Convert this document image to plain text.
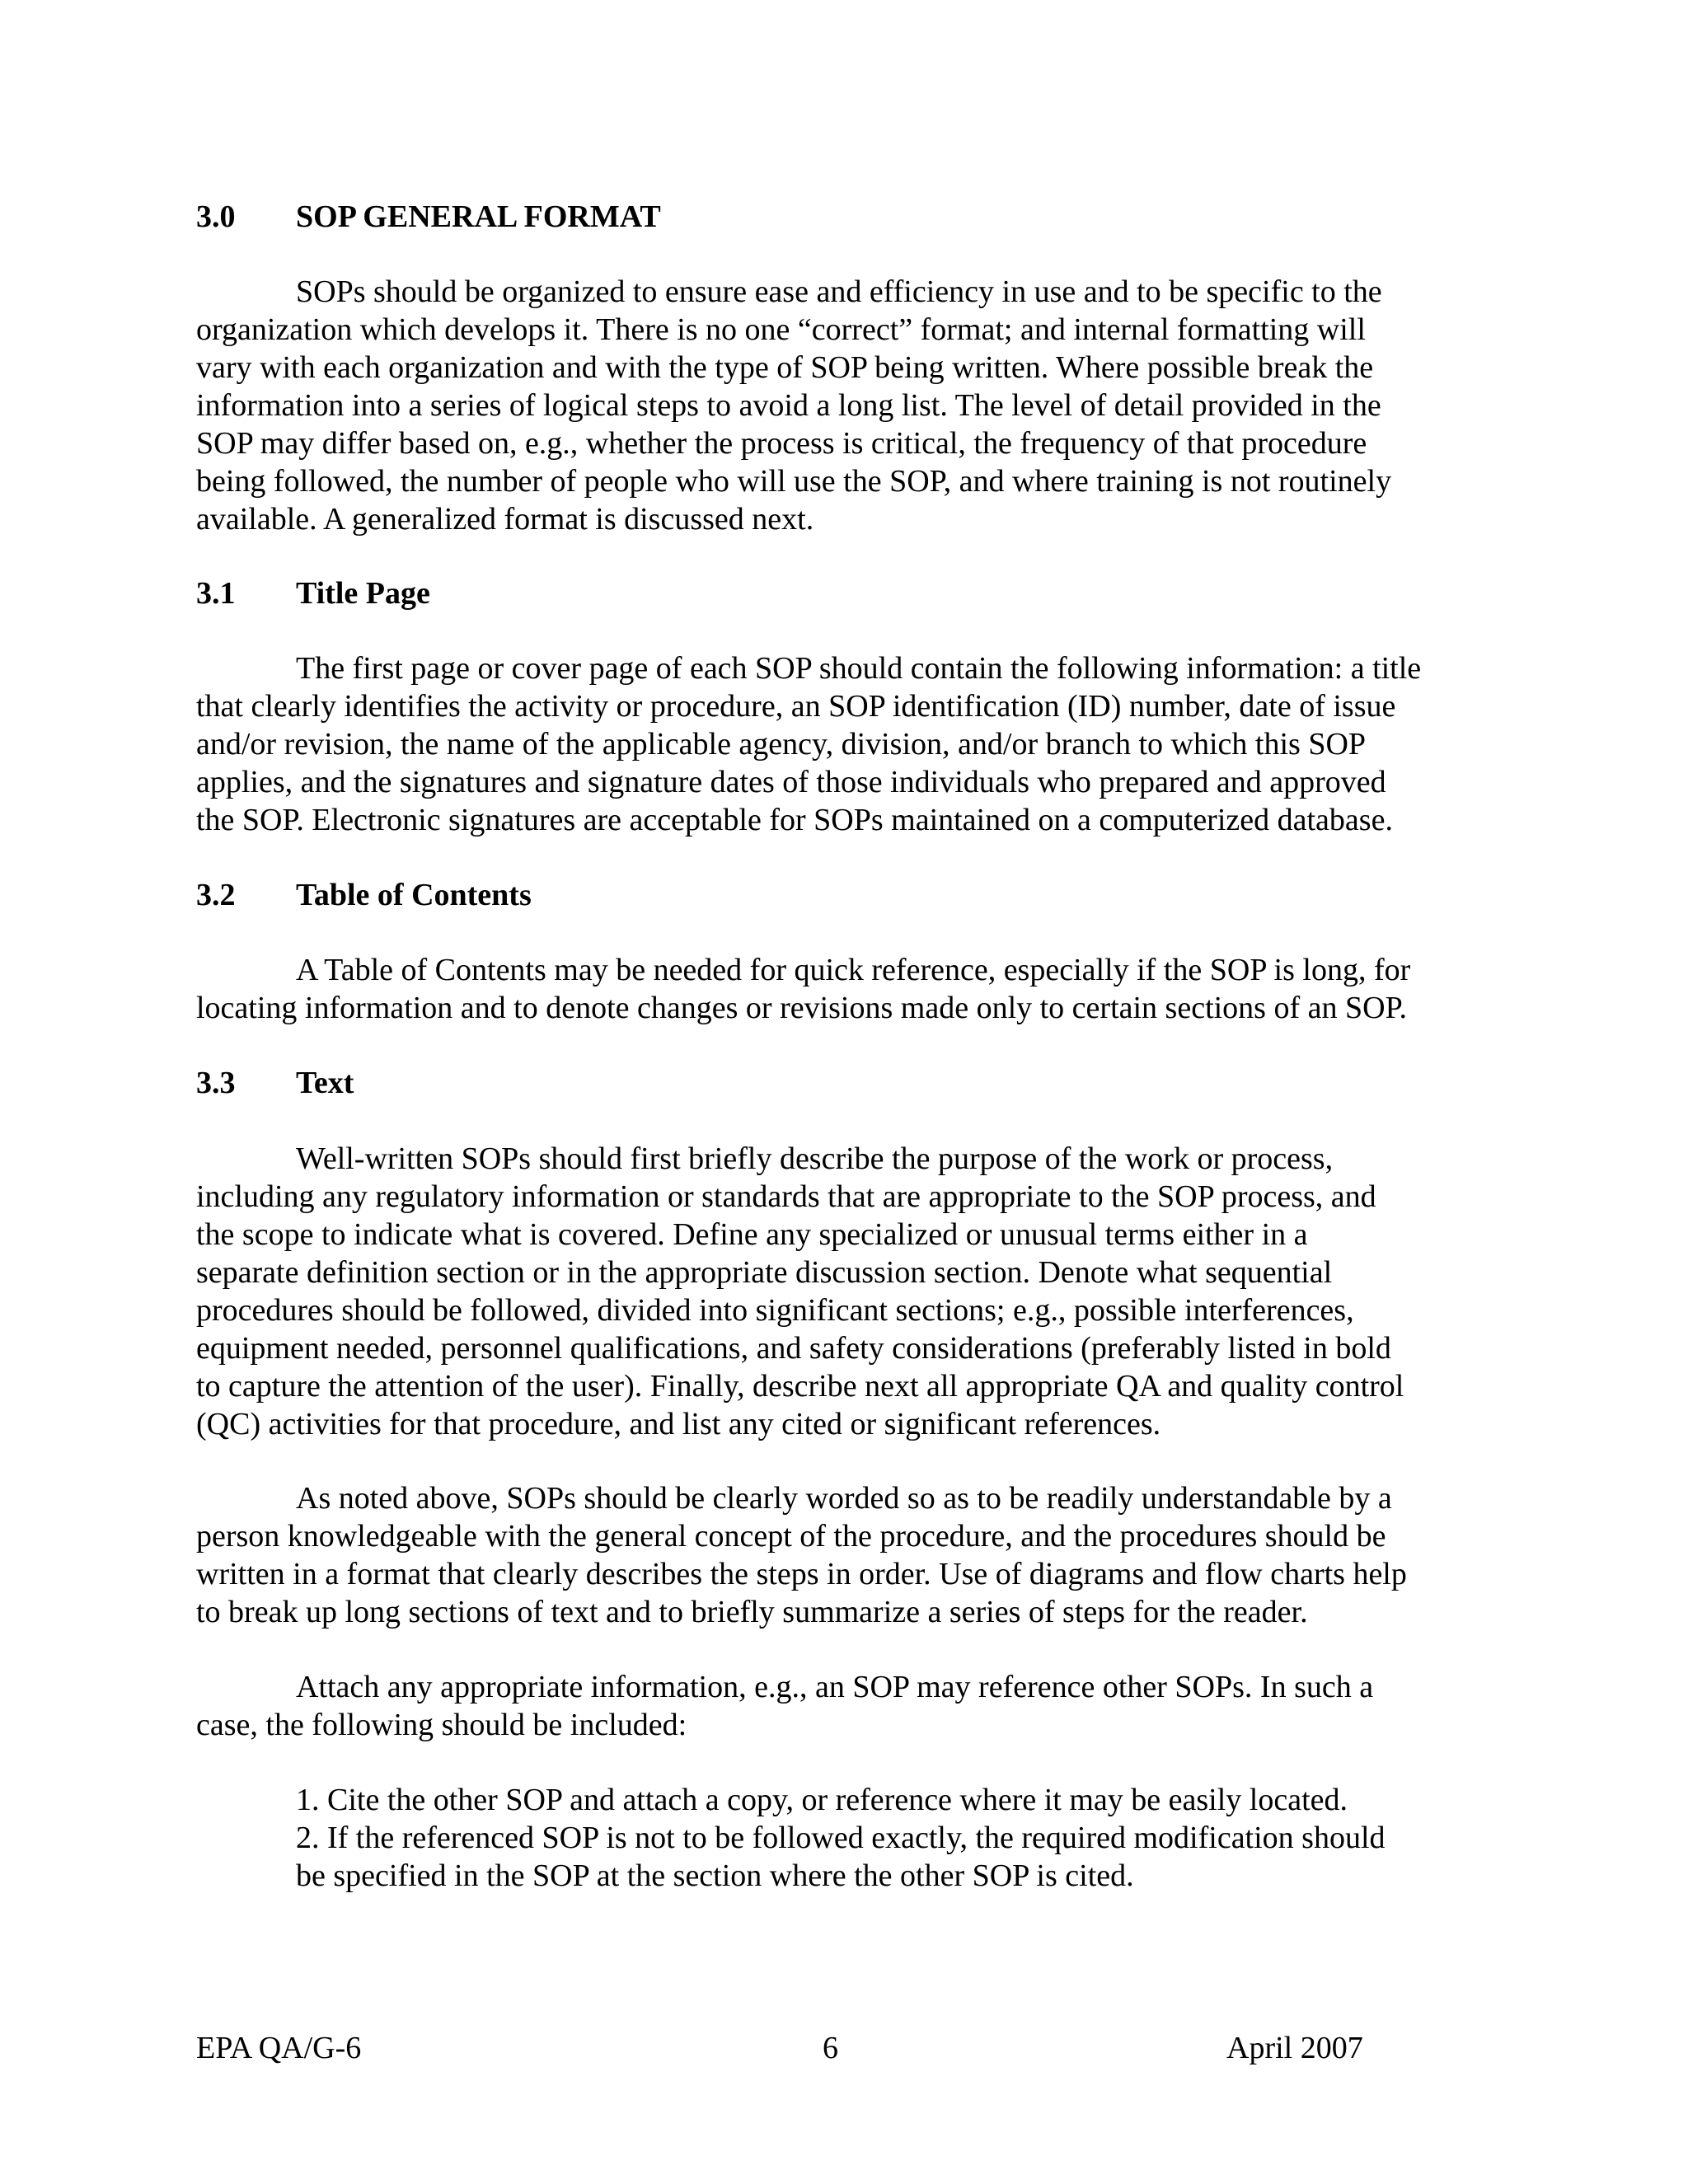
3.0 SOP GENERAL FORMAT
SOPs should be organized to ensure ease and efficiency in use and to be specific to the
organization which develops it. There is no one “correct” format; and internal formatting will
vary with each organization and with the type of SOP being written. Where possible break the
information into a series of logical steps to avoid a long list. The level of detail provided in the
SOP may differ based on, e.g., whether the process is critical, the frequency of that procedure
being followed, the number of people who will use the SOP, and where training is not routinely
available. A generalized format is discussed next.
3.1 Title Page
The first page or cover page of each SOP should contain the following information: a title
that clearly identifies the activity or procedure, an SOP identification (ID) number, date of issue
and/or revision, the name of the applicable agency, division, and/or branch to which this SOP
applies, and the signatures and signature dates of those individuals who prepared and approved
the SOP. Electronic signatures are acceptable for SOPs maintained on a computerized database.
3.2 Table of Contents
A Table of Contents may be needed for quick reference, especially if the SOP is long, for
locating information and to denote changes or revisions made only to certain sections of an SOP.
3.3 Text
Well-written SOPs should first briefly describe the purpose of the work or process,
including any regulatory information or standards that are appropriate to the SOP process, and
the scope to indicate what is covered. Define any specialized or unusual terms either in a
separate definition section or in the appropriate discussion section. Denote what sequential
procedures should be followed, divided into significant sections; e.g., possible interferences,
equipment needed, personnel qualifications, and safety considerations (preferably listed in bold
to capture the attention of the user). Finally, describe next all appropriate QA and quality control
(QC) activities for that procedure, and list any cited or significant references.
As noted above, SOPs should be clearly worded so as to be readily understandable by a
person knowledgeable with the general concept of the procedure, and the procedures should be
written in a format that clearly describes the steps in order. Use of diagrams and flow charts help
to break up long sections of text and to briefly summarize a series of steps for the reader.
Attach any appropriate information, e.g., an SOP may reference other SOPs. In such a
case, the following should be included:
1. Cite the other SOP and attach a copy, or reference where it may be easily located.
2. If the referenced SOP is not to be followed exactly, the required modification should
be specified in the SOP at the section where the other SOP is cited.
EPA QA/G-6	6	April 2007
